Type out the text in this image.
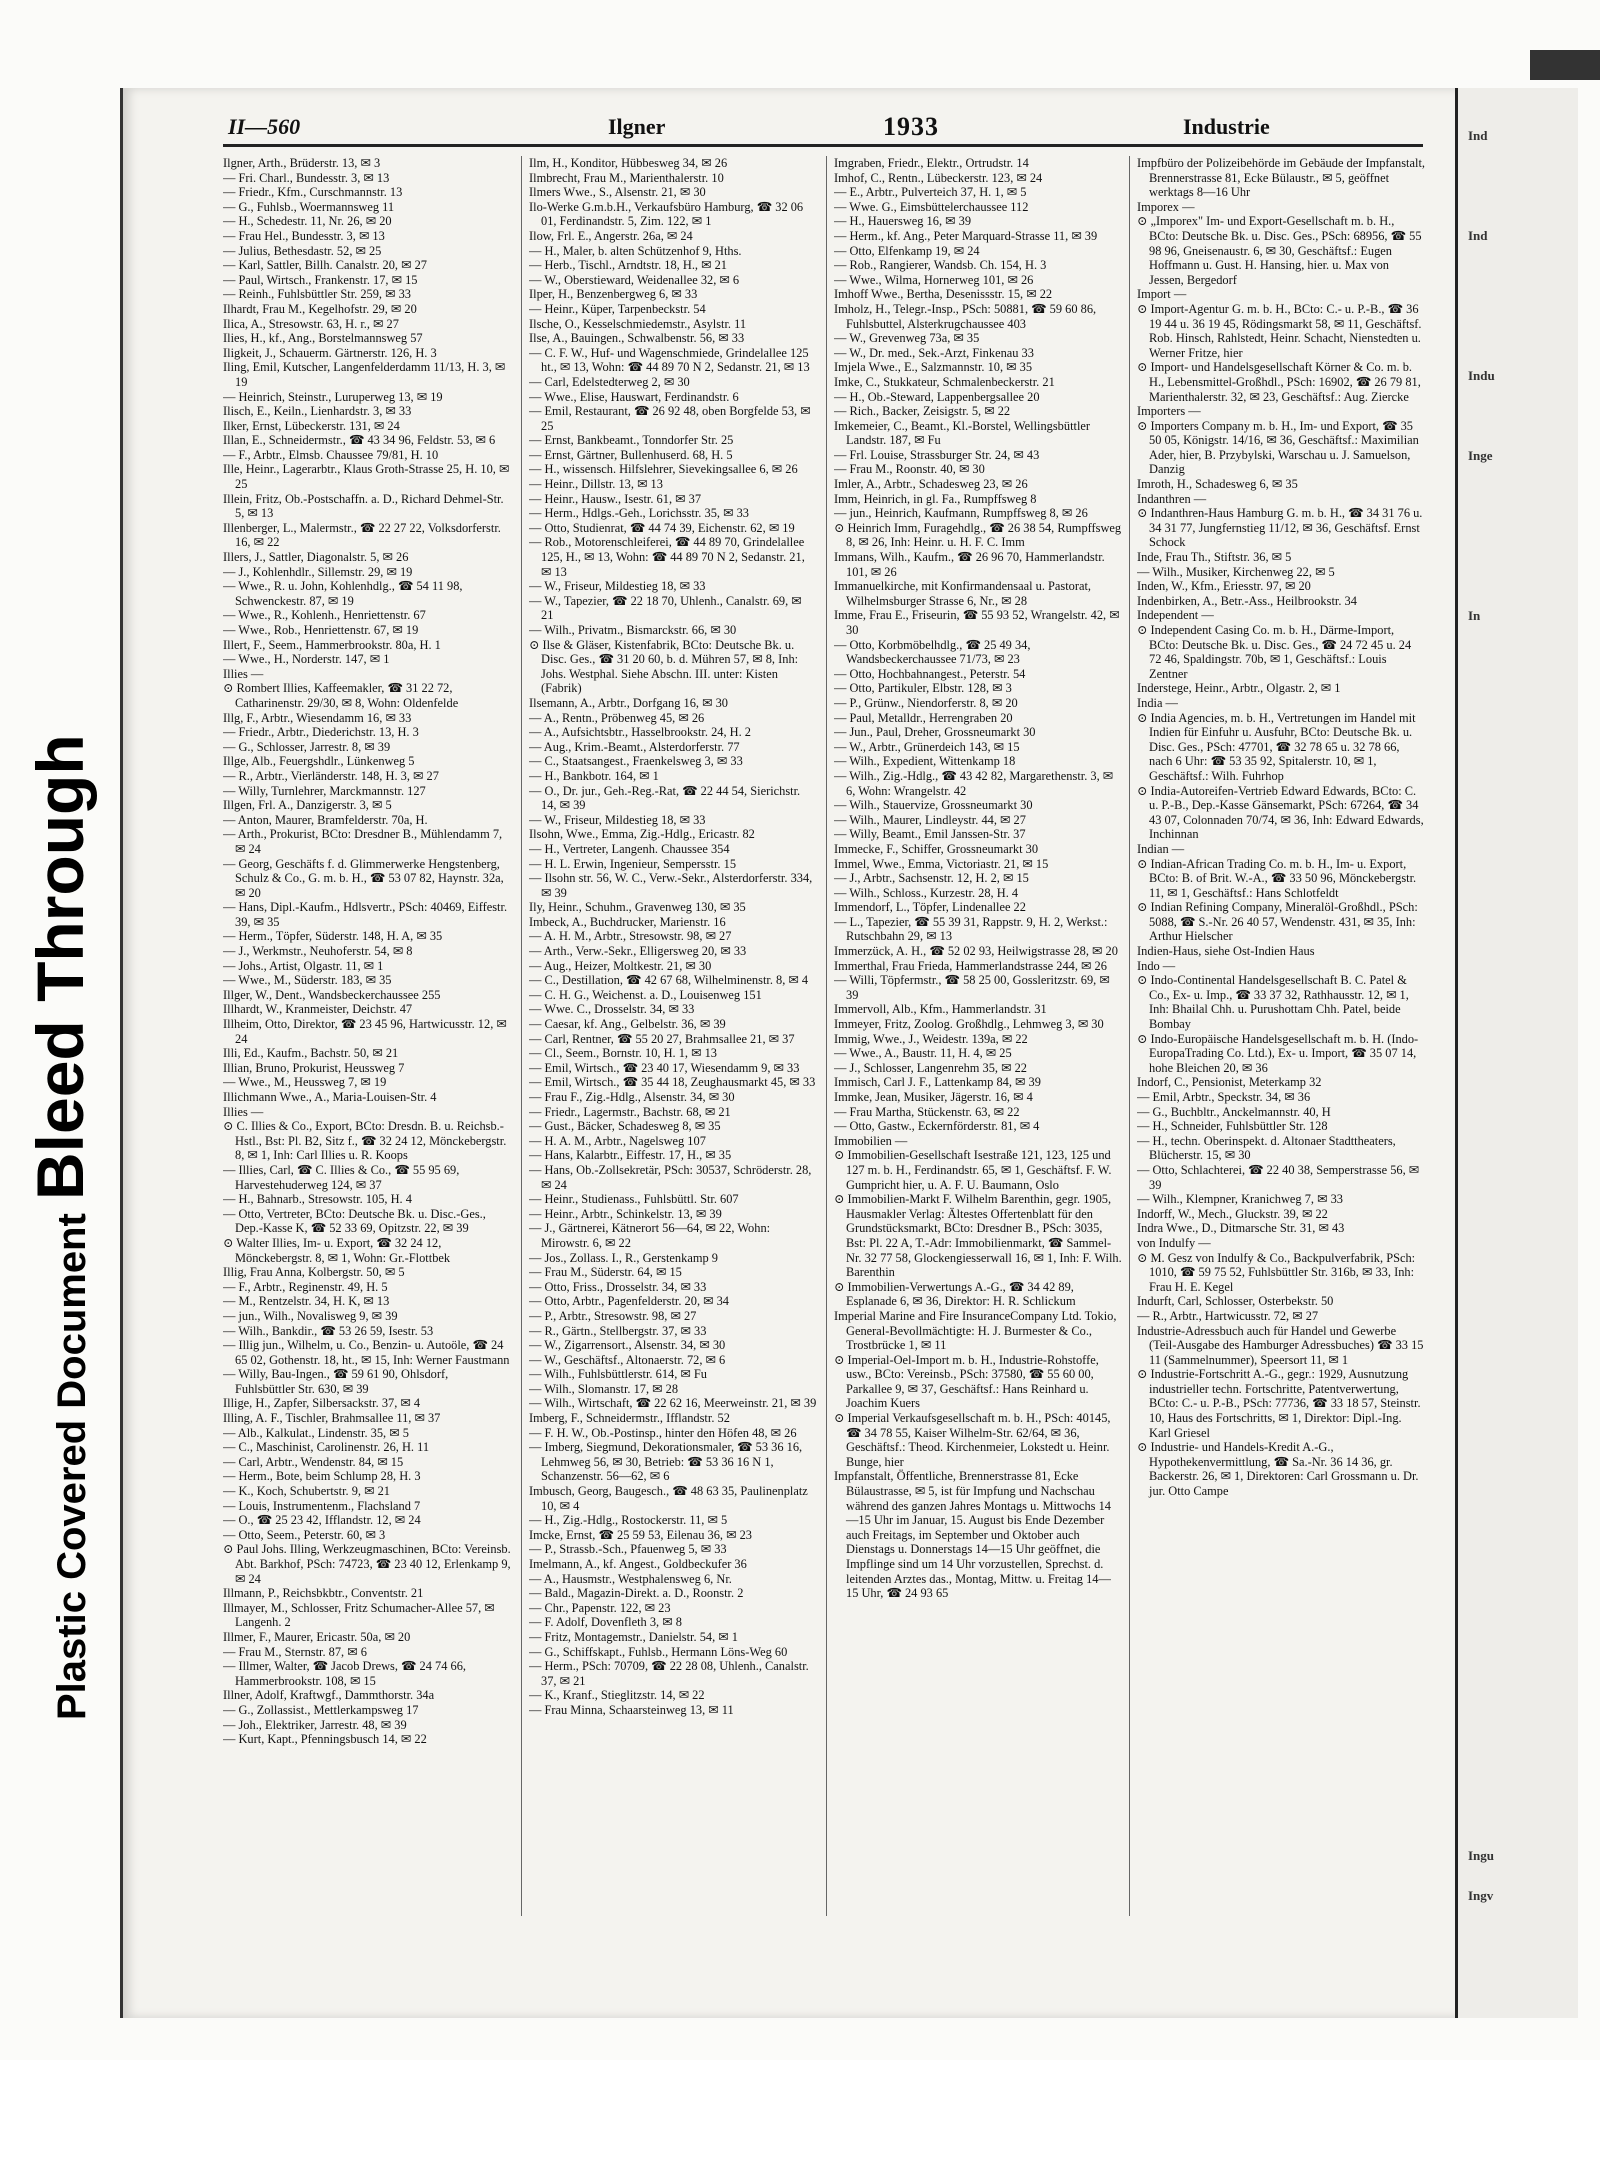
Bleed Through
Plastic Covered Document
II—560	Ilgner	1933	Industrie

Ilgner, Arth., Brüderstr. 13, ✉ 3

— Fri. Charl., Bundesstr. 3, ✉ 13

— Friedr., Kfm., Curschmannstr. 13

— G., Fuhlsb., Woermannsweg 11

— H., Schedestr. 11, Nr. 26, ✉ 20

— Frau Hel., Bundesstr. 3, ✉ 13

— Julius, Bethesdastr. 52, ✉ 25

— Karl, Sattler, Billh. Canalstr. 20, ✉ 27

— Paul, Wirtsch., Frankenstr. 17, ✉ 15

— Reinh., Fuhlsbüttler Str. 259, ✉ 33

Ilhardt, Frau M., Kegelhofstr. 29, ✉ 20

Ilica, A., Stresowstr. 63, H. r., ✉ 27

Ilies, H., kf., Ang., Borstelmannsweg 57

Iligkeit, J., Schauerm. Gärtnerstr. 126, H. 3

Iling, Emil, Kutscher, Langenfelderdamm 11/13, H. 3, ✉ 19

— Heinrich, Steinstr., Luruperweg 13, ✉ 19

Ilisch, E., Keiln., Lienhardstr. 3, ✉ 33

Ilker, Ernst, Lübeckerstr. 131, ✉ 24

Illan, E., Schneidermstr., ☎ 43 34 96, Feldstr. 53, ✉ 6

— F., Arbtr., Elmsb. Chaussee 79/81, H. 10

Ille, Heinr., Lagerarbtr., Klaus Groth-Strasse 25, H. 10, ✉ 25

Illein, Fritz, Ob.-Postschaffn. a. D., Richard Dehmel-Str. 5, ✉ 13

Illenberger, L., Malermstr., ☎ 22 27 22, Volksdorferstr. 16, ✉ 22

Illers, J., Sattler, Diagonalstr. 5, ✉ 26

— J., Kohlenhdlr., Sillemstr. 29, ✉ 19

— Wwe., R. u. John, Kohlenhdlg., ☎ 54 11 98, Schwenckestr. 87, ✉ 19

— Wwe., R., Kohlenh., Henriettenstr. 67

— Wwe., Rob., Henriettenstr. 67, ✉ 19

Illert, F., Seem., Hammerbrookstr. 80a, H. 1

— Wwe., H., Norderstr. 147, ✉ 1

Illies —

⊙ Rombert Illies, Kaffeemakler, ☎ 31 22 72, Catharinenstr. 29/30, ✉ 8, Wohn: Oldenfelde

Illg, F., Arbtr., Wiesendamm 16, ✉ 33

— Friedr., Arbtr., Diederichstr. 13, H. 3

— G., Schlosser, Jarrestr. 8, ✉ 39

Illge, Alb., Feuergshdlr., Lünkenweg 5

— R., Arbtr., Vierländerstr. 148, H. 3, ✉ 27

— Willy, Turnlehrer, Marckmannstr. 127

Illgen, Frl. A., Danzigerstr. 3, ✉ 5

— Anton, Maurer, Bramfelderstr. 70a, H.

— Arth., Prokurist, BCto: Dresdner B., Mühlendamm 7, ✉ 24

— Georg, Geschäfts f. d. Glimmerwerke Hengstenberg, Schulz & Co., G. m. b. H., ☎ 53 07 82, Haynstr. 32a, ✉ 20

— Hans, Dipl.-Kaufm., Hdlsvertr., PSch: 40469, Eiffestr. 39, ✉ 35

— Herm., Töpfer, Süderstr. 148, H. A, ✉ 35

— J., Werkmstr., Neuhoferstr. 54, ✉ 8

— Johs., Artist, Olgastr. 11, ✉ 1

— Wwe., M., Süderstr. 183, ✉ 35

Illger, W., Dent., Wandsbeckerchaussee 255

Illhardt, W., Kranmeister, Deichstr. 47

Illheim, Otto, Direktor, ☎ 23 45 96, Hartwicusstr. 12, ✉ 24

Illi, Ed., Kaufm., Bachstr. 50, ✉ 21

Illian, Bruno, Prokurist, Heussweg 7

— Wwe., M., Heussweg 7, ✉ 19

Illichmann Wwe., A., Maria-Louisen-Str. 4

Illies —

⊙ C. Illies & Co., Export, BCto: Dresdn. B. u. Reichsb.-Hstl., Bst: Pl. B2, Sitz f., ☎ 32 24 12, Mönckebergstr. 8, ✉ 1, Inh: Carl Illies u. R. Koops

— Illies, Carl, ☎ C. Illies & Co., ☎ 55 95 69, Harvestehuderweg 124, ✉ 37

— H., Bahnarb., Stresowstr. 105, H. 4

— Otto, Vertreter, BCto: Deutsche Bk. u. Disc.-Ges., Dep.-Kasse K, ☎ 52 33 69, Opitzstr. 22, ✉ 39

⊙ Walter Illies, Im- u. Export, ☎ 32 24 12, Mönckebergstr. 8, ✉ 1, Wohn: Gr.-Flottbek

Illig, Frau Anna, Kolbergstr. 50, ✉ 5

— F., Arbtr., Reginenstr. 49, H. 5

— M., Rentzelstr. 34, H. K, ✉ 13

— jun., Wilh., Novalisweg 9, ✉ 39

— Wilh., Bankdir., ☎ 53 26 59, Isestr. 53

— Illig jun., Wilhelm, u. Co., Benzin- u. Autoöle, ☎ 24 65 02, Gothenstr. 18, ht., ✉ 15, Inh: Werner Faustmann

— Willy, Bau-Ingen., ☎ 59 61 90, Ohlsdorf, Fuhlsbüttler Str. 630, ✉ 39

Illige, H., Zapfer, Silbersackstr. 37, ✉ 4

Illing, A. F., Tischler, Brahmsallee 11, ✉ 37

— Alb., Kalkulat., Lindenstr. 35, ✉ 5

— C., Maschinist, Carolinenstr. 26, H. 11

— Carl, Arbtr., Wendenstr. 84, ✉ 15

— Herm., Bote, beim Schlump 28, H. 3

— K., Koch, Schubertstr. 9, ✉ 21

— Louis, Instrumentenm., Flachsland 7

— O., ☎ 25 23 42, Ifflandstr. 12, ✉ 24

— Otto, Seem., Peterstr. 60, ✉ 3

⊙ Paul Johs. Illing, Werkzeugmaschinen, BCto: Vereinsb. Abt. Barkhof, PSch: 74723, ☎ 23 40 12, Erlenkamp 9, ✉ 24

Illmann, P., Reichsbkbtr., Conventstr. 21

Illmayer, M., Schlosser, Fritz Schumacher-Allee 57, ✉ Langenh. 2

Illmer, F., Maurer, Ericastr. 50a, ✉ 20

— Frau M., Sternstr. 87, ✉ 6

— Illmer, Walter, ☎ Jacob Drews, ☎ 24 74 66, Hammerbrookstr. 108, ✉ 15

Illner, Adolf, Kraftwgf., Dammthorstr. 34a

— G., Zollassist., Mettlerkampsweg 17

— Joh., Elektriker, Jarrestr. 48, ✉ 39

— Kurt, Kapt., Pfenningsbusch 14, ✉ 22

Ilm, H., Konditor, Hübbesweg 34, ✉ 26

Ilmbrecht, Frau M., Marienthalerstr. 10

Ilmers Wwe., S., Alsenstr. 21, ✉ 30

Ilo-Werke G.m.b.H., Verkaufsbüro Hamburg, ☎ 32 06 01, Ferdinandstr. 5, Zim. 122, ✉ 1

Ilow, Frl. E., Angerstr. 26a, ✉ 24

— H., Maler, b. alten Schützenhof 9, Hths.

— Herb., Tischl., Arndtstr. 18, H., ✉ 21

— W., Oberstieward, Weidenallee 32, ✉ 6

Ilper, H., Benzenbergweg 6, ✉ 33

— Heinr., Küper, Tarpenbeckstr. 54

Ilsche, O., Kesselschmiedemstr., Asylstr. 11

Ilse, A., Bauingen., Schwalbenstr. 56, ✉ 33

— C. F. W., Huf- und Wagenschmiede, Grindelallee 125 ht., ✉ 13, Wohn: ☎ 44 89 70 N 2, Sedanstr. 21, ✉ 13

— Carl, Edelstedterweg 2, ✉ 30

— Wwe., Elise, Hauswart, Ferdinandstr. 6

— Emil, Restaurant, ☎ 26 92 48, oben Borgfelde 53, ✉ 25

— Ernst, Bankbeamt., Tonndorfer Str. 25

— Ernst, Gärtner, Bullenhuserd. 68, H. 5

— H., wissensch. Hilfslehrer, Sievekingsallee 6, ✉ 26

— Heinr., Dillstr. 13, ✉ 13

— Heinr., Hausw., Isestr. 61, ✉ 37

— Herm., Hdlgs.-Geh., Lorichsstr. 35, ✉ 33

— Otto, Studienrat, ☎ 44 74 39, Eichenstr. 62, ✉ 19

— Rob., Motorenschleiferei, ☎ 44 89 70, Grindelallee 125, H., ✉ 13, Wohn: ☎ 44 89 70 N 2, Sedanstr. 21, ✉ 13

— W., Friseur, Mildestieg 18, ✉ 33

— W., Tapezier, ☎ 22 18 70, Uhlenh., Canalstr. 69, ✉ 21

— Wilh., Privatm., Bismarckstr. 66, ✉ 30

⊙ Ilse & Gläser, Kistenfabrik, BCto: Deutsche Bk. u. Disc. Ges., ☎ 31 20 60, b. d. Mühren 57, ✉ 8, Inh: Johs. Westphal. Siehe Abschn. III. unter: Kisten (Fabrik)

Ilsemann, A., Arbtr., Dorfgang 16, ✉ 30

— A., Rentn., Pröbenweg 45, ✉ 26

— A., Aufsichtsbtr., Hasselbrookstr. 24, H. 2

— Aug., Krim.-Beamt., Alsterdorferstr. 77

— C., Staatsangest., Fraenkelsweg 3, ✉ 33

— H., Bankbotr. 164, ✉ 1

— O., Dr. jur., Geh.-Reg.-Rat, ☎ 22 44 54, Sierichstr. 14, ✉ 39

— W., Friseur, Mildestieg 18, ✉ 33

Ilsohn, Wwe., Emma, Zig.-Hdlg., Ericastr. 82

— H., Vertreter, Langenh. Chaussee 354

— H. L. Erwin, Ingenieur, Sempersstr. 15

— Ilsohn str. 56, W. C., Verw.-Sekr., Alsterdorferstr. 334, ✉ 39

Ily, Heinr., Schuhm., Gravenweg 130, ✉ 35

Imbeck, A., Buchdrucker, Marienstr. 16

— A. H. M., Arbtr., Stresowstr. 98, ✉ 27

— Arth., Verw.-Sekr., Elligersweg 20, ✉ 33

— Aug., Heizer, Moltkestr. 21, ✉ 30

— C., Destillation, ☎ 42 67 68, Wilhelminenstr. 8, ✉ 4

— C. H. G., Weichenst. a. D., Louisenweg 151

— Wwe. C., Drosselstr. 34, ✉ 33

— Caesar, kf. Ang., Gelbelstr. 36, ✉ 39

— Carl, Rentner, ☎ 55 20 27, Brahmsallee 21, ✉ 37

— Cl., Seem., Bornstr. 10, H. 1, ✉ 13

— Emil, Wirtsch., ☎ 23 40 17, Wiesendamm 9, ✉ 33

— Emil, Wirtsch., ☎ 35 44 18, Zeughausmarkt 45, ✉ 33

— Frau F., Zig.-Hdlg., Alsenstr. 34, ✉ 30

— Friedr., Lagermstr., Bachstr. 68, ✉ 21

— Gust., Bäcker, Schadesweg 8, ✉ 35

— H. A. M., Arbtr., Nagelsweg 107

— Hans, Kalarbtr., Eiffestr. 17, H., ✉ 35

— Hans, Ob.-Zollsekretär, PSch: 30537, Schröderstr. 28, ✉ 24

— Heinr., Studienass., Fuhlsbüttl. Str. 607

— Heinr., Arbtr., Schinkelstr. 13, ✉ 39

— J., Gärtnerei, Kätnerort 56—64, ✉ 22, Wohn: Mirowstr. 6, ✉ 22

— Jos., Zollass. I., R., Gerstenkamp 9

— Frau M., Süderstr. 64, ✉ 15

— Otto, Friss., Drosselstr. 34, ✉ 33

— Otto, Arbtr., Pagenfelderstr. 20, ✉ 34

— P., Arbtr., Stresowstr. 98, ✉ 27

— R., Gärtn., Stellbergstr. 37, ✉ 33

— W., Zigarrensort., Alsenstr. 34, ✉ 30

— W., Geschäftsf., Altonaerstr. 72, ✉ 6

— Wilh., Fuhlsbüttlerstr. 614, ✉ Fu

— Wilh., Slomanstr. 17, ✉ 28

— Wilh., Wirtschaft, ☎ 22 62 16, Meerweinstr. 21, ✉ 39

Imberg, F., Schneidermstr., Ifflandstr. 52

— F. H. W., Ob.-Postinsp., hinter den Höfen 48, ✉ 26

— Imberg, Siegmund, Dekorationsmaler, ☎ 53 36 16, Lehmweg 56, ✉ 30, Betrieb: ☎ 53 36 16 N 1, Schanzenstr. 56—62, ✉ 6

Imbusch, Georg, Baugesch., ☎ 48 63 35, Paulinenplatz 10, ✉ 4

— H., Zig.-Hdlg., Rostockerstr. 11, ✉ 5

Imcke, Ernst, ☎ 25 59 53, Eilenau 36, ✉ 23

— P., Strassb.-Sch., Pfauenweg 5, ✉ 33

Imelmann, A., kf. Angest., Goldbeckufer 36

— A., Hausmstr., Westphalensweg 6, Nr.

— Bald., Magazin-Direkt. a. D., Roonstr. 2

— Chr., Papenstr. 122, ✉ 23

— F. Adolf, Dovenfleth 3, ✉ 8

— Fritz, Montagemstr., Danielstr. 54, ✉ 1

— G., Schiffskapt., Fuhlsb., Hermann Löns-Weg 60

— Herm., PSch: 70709, ☎ 22 28 08, Uhlenh., Canalstr. 37, ✉ 21

— K., Kranf., Stieglitzstr. 14, ✉ 22

— Frau Minna, Schaarsteinweg 13, ✉ 11

Imgraben, Friedr., Elektr., Ortrudstr. 14

Imhof, C., Rentn., Lübeckerstr. 123, ✉ 24

— E., Arbtr., Pulverteich 37, H. 1, ✉ 5

— Wwe. G., Eimsbüttelerchaussee 112

— H., Hauersweg 16, ✉ 39

— Herm., kf. Ang., Peter Marquard-Strasse 11, ✉ 39

— Otto, Elfenkamp 19, ✉ 24

— Rob., Rangierer, Wandsb. Ch. 154, H. 3

— Wwe., Wilma, Hornerweg 101, ✉ 26

Imhoff Wwe., Bertha, Desenissstr. 15, ✉ 22

Imholz, H., Telegr.-Insp., PSch: 50881, ☎ 59 60 86, Fuhlsbuttel, Alsterkrugchaussee 403

— W., Grevenweg 73a, ✉ 35

— W., Dr. med., Sek.-Arzt, Finkenau 33

Imjela Wwe., E., Salzmannstr. 10, ✉ 35

Imke, C., Stukkateur, Schmalenbeckerstr. 21

— H., Ob.-Steward, Lappenbergsallee 20

— Rich., Backer, Zeisigstr. 5, ✉ 22

Imkemeier, C., Beamt., Kl.-Borstel, Wellingsbüttler Landstr. 187, ✉ Fu

— Frl. Louise, Strassburger Str. 24, ✉ 43

— Frau M., Roonstr. 40, ✉ 30

Imler, A., Arbtr., Schadesweg 23, ✉ 26

Imm, Heinrich, in gl. Fa., Rumpffsweg 8

— jun., Heinrich, Kaufmann, Rumpffsweg 8, ✉ 26

⊙ Heinrich Imm, Furagehdlg., ☎ 26 38 54, Rumpffsweg 8, ✉ 26, Inh: Heinr. u. H. F. C. Imm

Immans, Wilh., Kaufm., ☎ 26 96 70, Hammerlandstr. 101, ✉ 26

Immanuelkirche, mit Konfirmandensaal u. Pastorat, Wilhelmsburger Strasse 6, Nr., ✉ 28

Imme, Frau E., Friseurin, ☎ 55 93 52, Wrangelstr. 42, ✉ 30

— Otto, Korbmöbelhdlg., ☎ 25 49 34, Wandsbeckerchaussee 71/73, ✉ 23

— Otto, Hochbahnangest., Peterstr. 54

— Otto, Partikuler, Elbstr. 128, ✉ 3

— P., Grünw., Niendorferstr. 8, ✉ 20

— Paul, Metalldr., Herrengraben 20

— Jun., Paul, Dreher, Grossneumarkt 30

— W., Arbtr., Grünerdeich 143, ✉ 15

— Wilh., Expedient, Wittenkamp 18

— Wilh., Zig.-Hdlg., ☎ 43 42 82, Margarethenstr. 3, ✉ 6, Wohn: Wrangelstr. 42

— Wilh., Stauervize, Grossneumarkt 30

— Wilh., Maurer, Lindleystr. 44, ✉ 27

— Willy, Beamt., Emil Janssen-Str. 37

Immecke, F., Schiffer, Grossneumarkt 30

Immel, Wwe., Emma, Victoriastr. 21, ✉ 15

— J., Arbtr., Sachsenstr. 12, H. 2, ✉ 15

— Wilh., Schloss., Kurzestr. 28, H. 4

Immendorf, L., Töpfer, Lindenallee 22

— L., Tapezier, ☎ 55 39 31, Rappstr. 9, H. 2, Werkst.: Rutschbahn 29, ✉ 13

Immerzück, A. H., ☎ 52 02 93, Heilwigstrasse 28, ✉ 20

Immerthal, Frau Frieda, Hammerlandstrasse 244, ✉ 26

— Willi, Töpfermstr., ☎ 58 25 00, Gossleritzstr. 69, ✉ 39

Immervoll, Alb., Kfm., Hammerlandstr. 31

Immeyer, Fritz, Zoolog. Großhdlg., Lehmweg 3, ✉ 30

Immig, Wwe., J., Weidestr. 139a, ✉ 22

— Wwe., A., Baustr. 11, H. 4, ✉ 25

— J., Schlosser, Langenrehm 35, ✉ 22

Immisch, Carl J. F., Lattenkamp 84, ✉ 39

Immke, Jean, Musiker, Jägerstr. 16, ✉ 4

— Frau Martha, Stückenstr. 63, ✉ 22

— Otto, Gastw., Eckernförderstr. 81, ✉ 4

Immobilien —

⊙ Immobilien-Gesellschaft Isestraße 121, 123, 125 und 127 m. b. H., Ferdinandstr. 65, ✉ 1, Geschäftsf. F. W. Gumpricht hier, u. A. F. U. Baumann, Oslo

⊙ Immobilien-Markt F. Wilhelm Barenthin, gegr. 1905, Hausmakler Verlag: Ältestes Offertenblatt für den Grundstücksmarkt, BCto: Dresdner B., PSch: 3035, Bst: Pl. 22 A, T.-Adr: Immobilienmarkt, ☎ Sammel-Nr. 32 77 58, Glockengiesserwall 16, ✉ 1, Inh: F. Wilh. Barenthin

⊙ Immobilien-Verwertungs A.-G., ☎ 34 42 89, Esplanade 6, ✉ 36, Direktor: H. R. Schlickum

Imperial Marine and Fire InsuranceCompany Ltd. Tokio, General-Bevollmächtigte: H. J. Burmester & Co., Trostbrücke 1, ✉ 11

⊙ Imperial-Oel-Import m. b. H., Industrie-Rohstoffe, usw., BCto: Vereinsb., PSch: 37580, ☎ 55 60 00, Parkallee 9, ✉ 37, Geschäftsf.: Hans Reinhard u. Joachim Kuers

⊙ Imperial Verkaufsgesellschaft m. b. H., PSch: 40145, ☎ 34 78 55, Kaiser Wilhelm-Str. 62/64, ✉ 36, Geschäftsf.: Theod. Kirchenmeier, Lokstedt u. Heinr. Bunge, hier

Impfanstalt, Öffentliche, Brennerstrasse 81, Ecke Bülaustrasse, ✉ 5, ist für Impfung und Nachschau während des ganzen Jahres Montags u. Mittwochs 14—15 Uhr im Januar, 15. August bis Ende Dezember auch Freitags, im September und Oktober auch Dienstags u. Donnerstags 14—15 Uhr geöffnet, die Impflinge sind um 14 Uhr vorzustellen, Sprechst. d. leitenden Arztes das., Montag, Mittw. u. Freitag 14—15 Uhr, ☎ 24 93 65

Impfbüro der Polizeibehörde im Gebäude der Impfanstalt, Brennerstrasse 81, Ecke Bülaustr., ✉ 5, geöffnet werktags 8—16 Uhr

Imporex —

⊙ „Imporex" Im- und Export-Gesellschaft m. b. H., BCto: Deutsche Bk. u. Disc. Ges., PSch: 68956, ☎ 55 98 96, Gneisenaustr. 6, ✉ 30, Geschäftsf.: Eugen Hoffmann u. Gust. H. Hansing, hier. u. Max von Jessen, Bergedorf

Import —

⊙ Import-Agentur G. m. b. H., BCto: C.- u. P.-B., ☎ 36 19 44 u. 36 19 45, Rödingsmarkt 58, ✉ 11, Geschäftsf. Rob. Hinsch, Rahlstedt, Heinr. Schacht, Nienstedten u. Werner Fritze, hier

⊙ Import- und Handelsgesellschaft Körner & Co. m. b. H., Lebensmittel-Großhdl., PSch: 16902, ☎ 26 79 81, Marienthalerstr. 32, ✉ 23, Geschäftsf.: Aug. Ziercke

Importers —

⊙ Importers Company m. b. H., Im- und Export, ☎ 35 50 05, Königstr. 14/16, ✉ 36, Geschäftsf.: Maximilian Ader, hier, B. Przybylski, Warschau u. J. Samuelson, Danzig

Imroth, H., Schadesweg 6, ✉ 35

Indanthren —

⊙ Indanthren-Haus Hamburg G. m. b. H., ☎ 34 31 76 u. 34 31 77, Jungfernstieg 11/12, ✉ 36, Geschäftsf. Ernst Schock

Inde, Frau Th., Stiftstr. 36, ✉ 5

— Wilh., Musiker, Kirchenweg 22, ✉ 5

Inden, W., Kfm., Eriesstr. 97, ✉ 20

Indenbirken, A., Betr.-Ass., Heilbrookstr. 34

Independent —

⊙ Independent Casing Co. m. b. H., Därme-Import, BCto: Deutsche Bk. u. Disc. Ges., ☎ 24 72 45 u. 24 72 46, Spaldingstr. 70b, ✉ 1, Geschäftsf.: Louis Zentner

Inderstege, Heinr., Arbtr., Olgastr. 2, ✉ 1

India —

⊙ India Agencies, m. b. H., Vertretungen im Handel mit Indien für Einfuhr u. Ausfuhr, BCto: Deutsche Bk. u. Disc. Ges., PSch: 47701, ☎ 32 78 65 u. 32 78 66, nach 6 Uhr: ☎ 53 35 92, Spitalerstr. 10, ✉ 1, Geschäftsf.: Wilh. Fuhrhop

⊙ India-Autoreifen-Vertrieb Edward Edwards, BCto: C. u. P.-B., Dep.-Kasse Gänsemarkt, PSch: 67264, ☎ 34 43 07, Colonnaden 70/74, ✉ 36, Inh: Edward Edwards, Inchinnan

Indian —

⊙ Indian-African Trading Co. m. b. H., Im- u. Export, BCto: B. of Brit. W.-A., ☎ 33 50 96, Mönckebergstr. 11, ✉ 1, Geschäftsf.: Hans Schlotfeldt

⊙ Indian Refining Company, Mineralöl-Großhdl., PSch: 5088, ☎ S.-Nr. 26 40 57, Wendenstr. 431, ✉ 35, Inh: Arthur Hielscher

Indien-Haus, siehe Ost-Indien Haus

Indo —

⊙ Indo-Continental Handelsgesellschaft B. C. Patel & Co., Ex- u. Imp., ☎ 33 37 32, Rathhausstr. 12, ✉ 1, Inh: Bhailal Chh. u. Purushottam Chh. Patel, beide Bombay

⊙ Indo-Europäische Handelsgesellschaft m. b. H. (Indo-EuropaTrading Co. Ltd.), Ex- u. Import, ☎ 35 07 14, hohe Bleichen 20, ✉ 36

Indorf, C., Pensionist, Meterkamp 32

— Emil, Arbtr., Speckstr. 34, ✉ 36

— G., Buchbltr., Anckelmannstr. 40, H

— H., Schneider, Fuhlsbüttler Str. 128

— H., techn. Oberinspekt. d. Altonaer Stadttheaters, Blücherstr. 15, ✉ 30

— Otto, Schlachterei, ☎ 22 40 38, Semperstrasse 56, ✉ 39

— Wilh., Klempner, Kranichweg 7, ✉ 33

Indorff, W., Mech., Gluckstr. 39, ✉ 22

Indra Wwe., D., Ditmarsche Str. 31, ✉ 43

von Indulfy —

⊙ M. Gesz von Indulfy & Co., Backpulverfabrik, PSch: 1010, ☎ 59 75 52, Fuhlsbüttler Str. 316b, ✉ 33, Inh: Frau H. E. Kegel

Indurft, Carl, Schlosser, Osterbekstr. 50

— R., Arbtr., Hartwicusstr. 72, ✉ 27

Industrie-Adressbuch auch für Handel und Gewerbe (Teil-Ausgabe des Hamburger Adressbuches) ☎ 33 15 11 (Sammelnummer), Speersort 11, ✉ 1

⊙ Industrie-Fortschritt A.-G., gegr.: 1929, Ausnutzung industrieller techn. Fortschritte, Patentverwertung, BCto: C.- u. P.-B., PSch: 77736, ☎ 33 18 57, Steinstr. 10, Haus des Fortschritts, ✉ 1, Direktor: Dipl.-Ing. Karl Griesel

⊙ Industrie- und Handels-Kredit A.-G., Hypothekenvermittlung, ☎ Sa.-Nr. 36 14 36, gr. Backerstr. 26, ✉ 1, Direktoren: Carl Grossmann u. Dr. jur. Otto Campe

Ind
Ind
Indu
Inge
Ingu
Ingv
In
